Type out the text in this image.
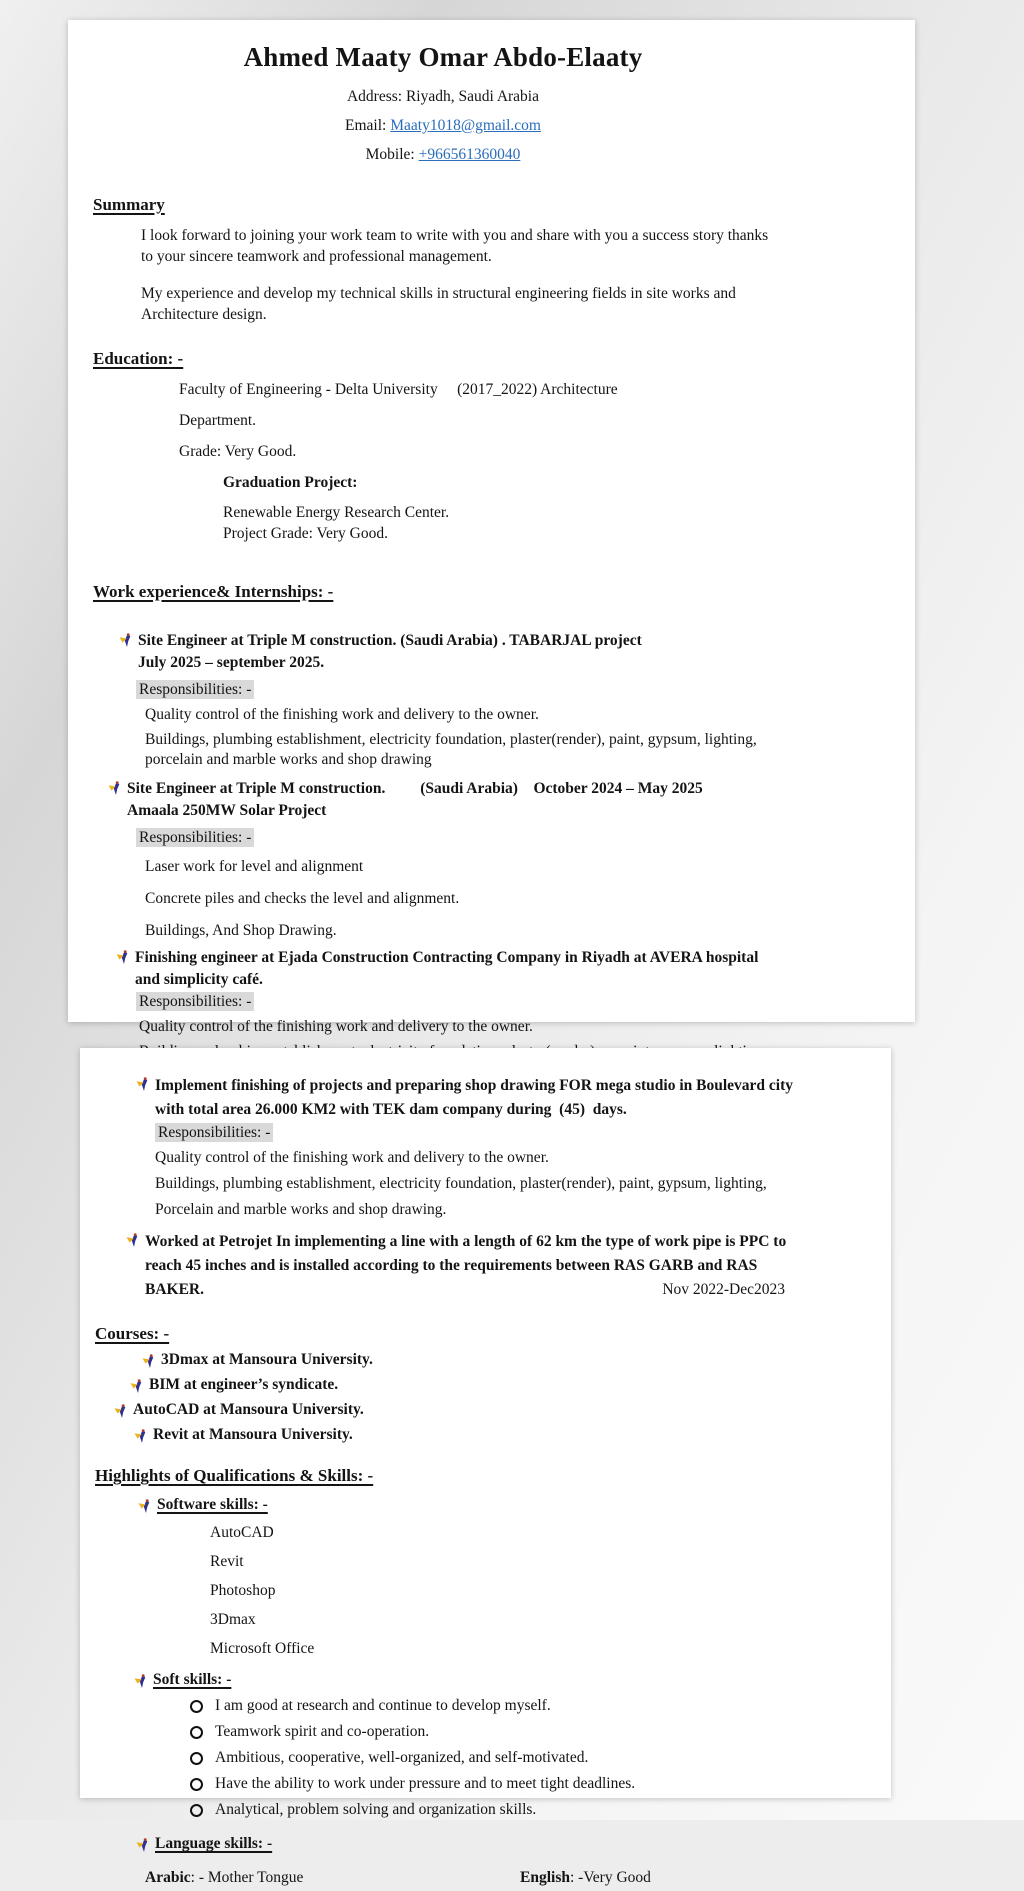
Ahmed Maaty Omar Abdo-Elaaty
Address: Riyadh, Saudi Arabia
Email: Maaty1018@gmail.com
Mobile: +966561360040
Summary
I look forward to joining your work team to write with you and share with you a success story thanks
to your sincere teamwork and professional management.
My experience and develop my technical skills in structural engineering fields in site works and
Architecture design.
Education: -
Faculty of Engineering - Delta University     (2017_2022) Architecture
Department.
Grade: Very Good.
Graduation Project:
Renewable Energy Research Center.
Project Grade: Very Good.
Work experience& Internships: -
Site Engineer at Triple M construction. (Saudi Arabia) . TABARJAL project
July 2025 – september 2025.
Responsibilities: -
Quality control of the finishing work and delivery to the owner.
Buildings, plumbing establishment, electricity foundation, plaster(render), paint, gypsum, lighting,
porcelain and marble works and shop drawing
Site Engineer at Triple M construction.         (Saudi Arabia)    October 2024 – May 2025
Amaala 250MW Solar Project
Responsibilities: -
Laser work for level and alignment
Concrete piles and checks the level and alignment.
Buildings, And Shop Drawing.
Finishing engineer at Ejada Construction Contracting Company in Riyadh at AVERA hospital
and simplicity café.
Responsibilities: -
Quality control of the finishing work and delivery to the owner.
Implement finishing of projects and preparing shop drawing FOR mega studio in Boulevard city
with total area 26.000 KM2 with TEK dam company during  (45)  days.
Responsibilities: -
Quality control of the finishing work and delivery to the owner.
Buildings, plumbing establishment, electricity foundation, plaster(render), paint, gypsum, lighting,
Porcelain and marble works and shop drawing.
Worked at Petrojet In implementing a line with a length of 62 km the type of work pipe is PPC to
reach 45 inches and is installed according to the requirements between RAS GARB and RAS
BAKER.	Nov 2022-Dec2023
Courses: -
3Dmax at Mansoura University.
BIM at engineer’s syndicate.
AutoCAD at Mansoura University.
Revit at Mansoura University.
Highlights of Qualifications & Skills: -
Software skills: -
AutoCAD
Revit
Photoshop
3Dmax
Microsoft Office
Soft skills: -
I am good at research and continue to develop myself.
Teamwork spirit and co-operation.
Ambitious, cooperative, well-organized, and self-motivated.
Have the ability to work under pressure and to meet tight deadlines.
Analytical, problem solving and organization skills.
Language skills: -
Arabic: - Mother Tongue	English: -Very Good
